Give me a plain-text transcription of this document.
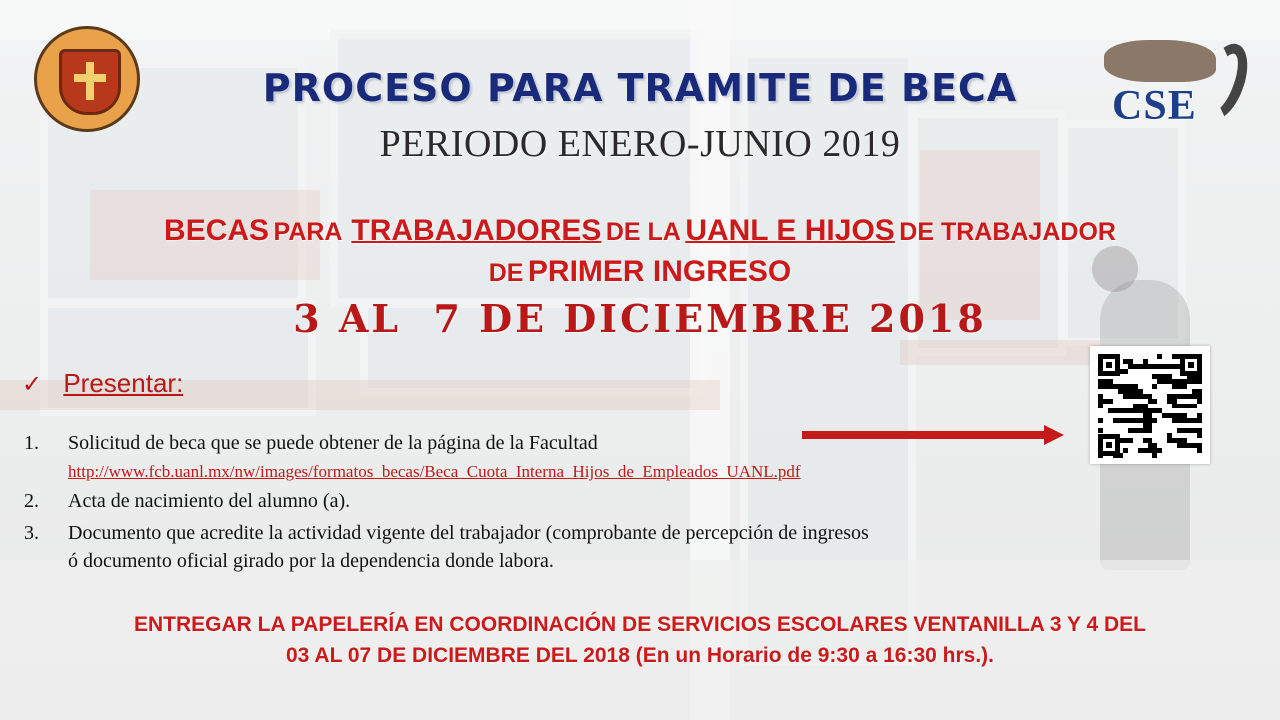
CSE
PROCESO PARA TRAMITE DE BECA
PERIODO ENERO-JUNIO 2019
BECAS PARA TRABAJADORES DE LA UANL E HIJOS DE TRABAJADOR
DE PRIMER INGRESO
3 AL  7 DE DICIEMBRE 2018
✓ Presentar:
1.	Solicitud de beca que se puede obtener de la página de la Facultad
http://www.fcb.uanl.mx/nw/images/formatos_becas/Beca_Cuota_Interna_Hijos_de_Empleados_UANL.pdf
2.	Acta de nacimiento del alumno (a).
3.	Documento que acredite la actividad vigente del trabajador (comprobante de percepción de ingresos
ó documento oficial girado por la dependencia donde labora.
ENTREGAR LA PAPELERÍA EN COORDINACIÓN DE SERVICIOS ESCOLARES VENTANILLA 3 Y 4 DEL
03 AL 07 DE DICIEMBRE DEL 2018 (En un Horario de 9:30 a 16:30 hrs.).
